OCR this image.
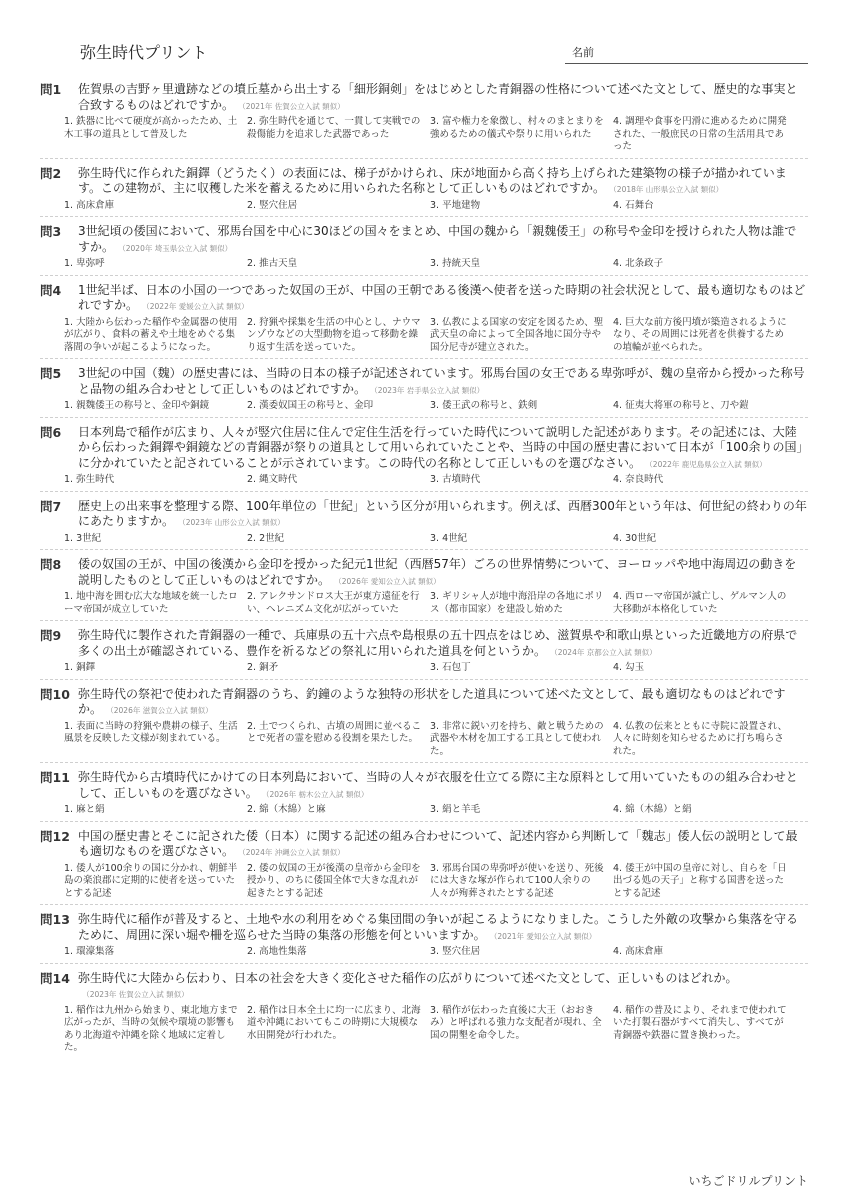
弥生時代プリント	名前
問1	佐賀県の吉野ヶ里遺跡などの墳丘墓から出土する「細形銅剣」をはじめとした青銅器の性格について述べた文として、歴史的な事実と合致するものはどれですか。 （2021年 佐賀公立入試 類似）
1. 鉄器に比べて硬度が高かったため、土木工事の道具として普及した
2. 弥生時代を通じて、一貫して実戦での殺傷能力を追求した武器であった
3. 富や権力を象徴し、村々のまとまりを強めるための儀式や祭りに用いられた
4. 調理や食事を円滑に進めるために開発された、一般庶民の日常の生活用具であった
問2	弥生時代に作られた銅鐸（どうたく）の表面には、梯子がかけられ、床が地面から高く持ち上げられた建築物の様子が描かれています。この建物が、主に収穫した米を蓄えるために用いられた名称として正しいものはどれですか。 （2018年 山形県公立入試 類似）
1. 高床倉庫	2. 竪穴住居	3. 平地建物	4. 石舞台
問3	3世紀頃の倭国において、邪馬台国を中心に30ほどの国々をまとめ、中国の魏から「親魏倭王」の称号や金印を授けられた人物は誰ですか。 （2020年 埼玉県公立入試 類似）
1. 卑弥呼	2. 推古天皇	3. 持統天皇	4. 北条政子
問4	1世紀半ば、日本の小国の一つであった奴国の王が、中国の王朝である後漢へ使者を送った時期の社会状況として、最も適切なものはどれですか。 （2022年 愛媛公立入試 類似）
1. 大陸から伝わった稲作や金属器の使用が広がり、食料の蓄えや土地をめぐる集落間の争いが起こるようになった。
2. 狩猟や採集を生活の中心とし、ナウマンゾウなどの大型動物を追って移動を繰り返す生活を送っていた。
3. 仏教による国家の安定を図るため、聖武天皇の命によって全国各地に国分寺や国分尼寺が建立された。
4. 巨大な前方後円墳が築造されるようになり、その周囲には死者を供養するための埴輪が並べられた。
問5	3世紀の中国（魏）の歴史書には、当時の日本の様子が記述されています。邪馬台国の女王である卑弥呼が、魏の皇帝から授かった称号と品物の組み合わせとして正しいものはどれですか。 （2023年 岩手県公立入試 類似）
1. 親魏倭王の称号と、金印や銅鏡	2. 漢委奴国王の称号と、金印	3. 倭王武の称号と、鉄剣	4. 征夷大将軍の称号と、刀や鎧
問6	日本列島で稲作が広まり、人々が竪穴住居に住んで定住生活を行っていた時代について説明した記述があります。その記述には、大陸から伝わった銅鐸や銅鏡などの青銅器が祭りの道具として用いられていたことや、当時の中国の歴史書において日本が「100余りの国」に分かれていたと記されていることが示されています。この時代の名称として正しいものを選びなさい。 （2022年 鹿児島県公立入試 類似）
1. 弥生時代	2. 縄文時代	3. 古墳時代	4. 奈良時代
問7	歴史上の出来事を整理する際、100年単位の「世紀」という区分が用いられます。例えば、西暦300年という年は、何世紀の終わりの年にあたりますか。 （2023年 山形公立入試 類似）
1. 3世紀	2. 2世紀	3. 4世紀	4. 30世紀
問8	倭の奴国の王が、中国の後漢から金印を授かった紀元1世紀（西暦57年）ごろの世界情勢について、ヨーロッパや地中海周辺の動きを説明したものとして正しいものはどれですか。 （2026年 愛知公立入試 類似）
1. 地中海を囲む広大な地域を統一したローマ帝国が成立していた
2. アレクサンドロス大王が東方遠征を行い、ヘレニズム文化が広がっていた
3. ギリシャ人が地中海沿岸の各地にポリス（都市国家）を建設し始めた
4. 西ローマ帝国が滅亡し、ゲルマン人の大移動が本格化していた
問9	弥生時代に製作された青銅器の一種で、兵庫県の五十六点や島根県の五十四点をはじめ、滋賀県や和歌山県といった近畿地方の府県で多くの出土が確認されている、豊作を祈るなどの祭礼に用いられた道具を何というか。 （2024年 京都公立入試 類似）
1. 銅鐸	2. 銅矛	3. 石包丁	4. 勾玉
問10 弥生時代の祭祀で使われた青銅器のうち、釣鐘のような独特の形状をした道具について述べた文として、最も適切なものはどれですか。 （2026年 滋賀公立入試 類似）
1. 表面に当時の狩猟や農耕の様子、生活風景を反映した文様が刻まれている。
2. 土でつくられ、古墳の周囲に並べることで死者の霊を慰める役割を果たした。
3. 非常に鋭い刃を持ち、敵と戦うための武器や木材を加工する工具として使われた。
4. 仏教の伝来とともに寺院に設置され、人々に時刻を知らせるために打ち鳴らされた。
問11 弥生時代から古墳時代にかけての日本列島において、当時の人々が衣服を仕立てる際に主な原料として用いていたものの組み合わせとして、正しいものを選びなさい。 （2026年 栃木公立入試 類似）
1. 麻と絹	2. 綿（木綿）と麻	3. 絹と羊毛	4. 綿（木綿）と絹
問12 中国の歴史書とそこに記された倭（日本）に関する記述の組み合わせについて、記述内容から判断して「魏志」倭人伝の説明として最も適切なものを選びなさい。 （2024年 沖縄公立入試 類似）
1. 倭人が100余りの国に分かれ、朝鮮半島の楽浪郡に定期的に使者を送っていたとする記述
2. 倭の奴国の王が後漢の皇帝から金印を授かり、のちに倭国全体で大きな乱れが起きたとする記述
3. 邪馬台国の卑弥呼が使いを送り、死後には大きな塚が作られて100人余りの人々が殉葬されたとする記述
4. 倭王が中国の皇帝に対し、自らを「日出づる処の天子」と称する国書を送ったとする記述
問13 弥生時代に稲作が普及すると、土地や水の利用をめぐる集団間の争いが起こるようになりました。こうした外敵の攻撃から集落を守るために、周囲に深い堀や柵を巡らせた当時の集落の形態を何といいますか。 （2021年 愛知公立入試 類似）
1. 環濠集落	2. 高地性集落	3. 竪穴住居	4. 高床倉庫
問14 弥生時代に大陸から伝わり、日本の社会を大きく変化させた稲作の広がりについて述べた文として、正しいものはどれか。（2023年 佐賀公立入試 類似）
1. 稲作は九州から始まり、東北地方まで広がったが、当時の気候や環境の影響もあり北海道や沖縄を除く地域に定着した。
2. 稲作は日本全土に均一に広まり、北海道や沖縄においてもこの時期に大規模な水田開発が行われた。
3. 稲作が伝わった直後に大王（おおきみ）と呼ばれる強力な支配者が現れ、全国の開墾を命令した。
4. 稲作の普及により、それまで使われていた打製石器がすべて消失し、すべてが青銅器や鉄器に置き換わった。
いちごドリルプリント
